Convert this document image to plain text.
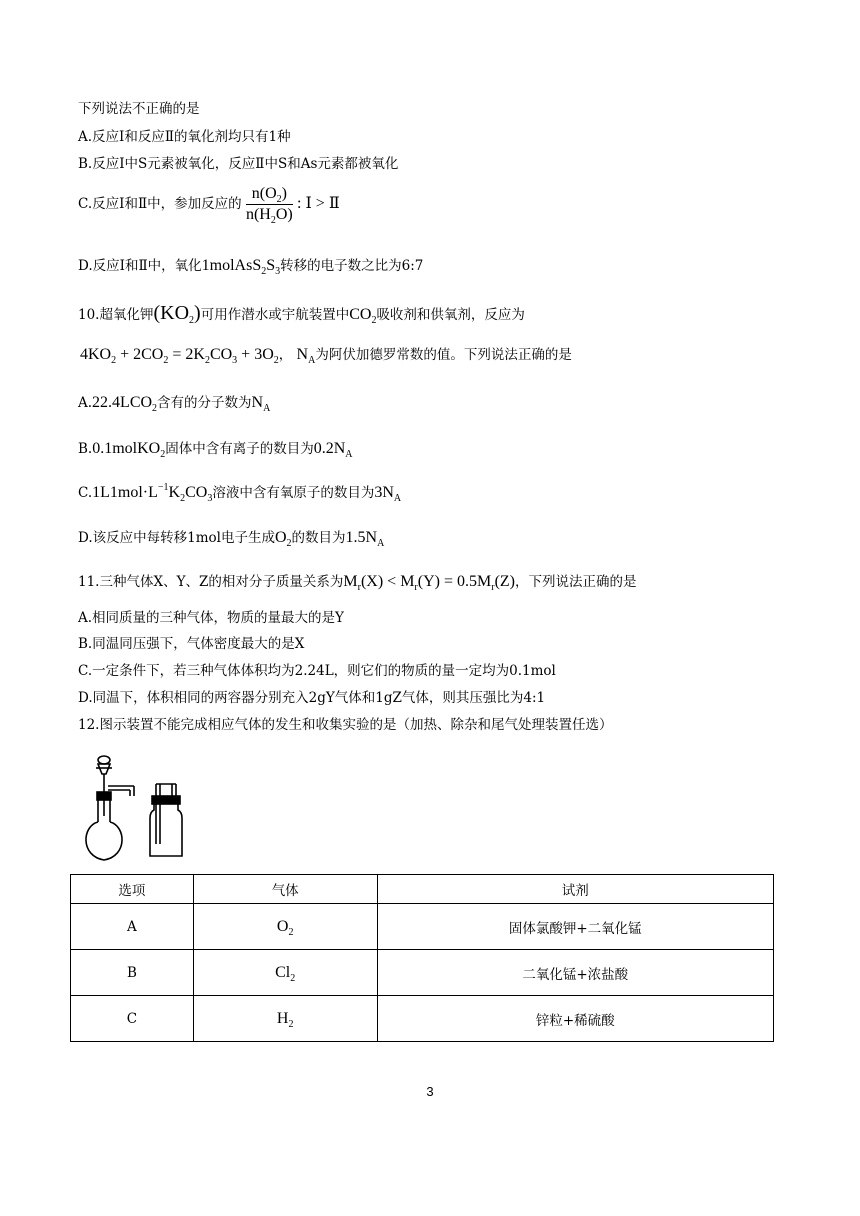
下列说法不正确的是
A.反应Ⅰ和反应Ⅱ的氧化剂均只有1种
B.反应Ⅰ中S元素被氧化，反应Ⅱ中S和As元素都被氧化
C.反应Ⅰ和Ⅱ中，参加反应的 $\frac{n(O_2)}{n(H_2O)}$ : Ⅰ > Ⅱ
D.反应Ⅰ和Ⅱ中，氧化$1molAsS_2S_3$转移的电子数之比为6:7
10.超氧化钾$(KO_2)$可用作潜水或宇航装置中$CO_2$吸收剂和供氧剂，反应为
$4KO_2 + 2CO_2 = 2K_2CO_3 + 3O_2$， $N_A$为阿伏加德罗常数的值。下列说法正确的是
$A.22.4LCO_2$含有的分子数为$N_A$
B.0.1molKO$_2$固体中含有离子的数目为$0.2N_A$
$C.1L1mol\cdot L^{-1}K_2CO_3$溶液中含有氧原子的数目为$3N_A$
D.该反应中每转移1mol电子生成$O_2$的数目为$1.5N_A$
11.三种气体X、Y、Z的相对分子质量关系为$M_r(X) < M_r(Y) = 0.5M_r(Z)$，下列说法正确的是
A.相同质量的三种气体，物质的量最大的是Y
B.同温同压强下，气体密度最大的是X
C.一定条件下，若三种气体体积均为2.24L，则它们的物质的量一定均为0.1mol
D.同温下，体积相同的两容器分别充入2gY气体和1gZ气体，则其压强比为4:1
12.图示装置不能完成相应气体的发生和收集实验的是（加热、除杂和尾气处理装置任选）
选项	气体	试剂
A	$O_2$	固体氯酸钾+二氧化锰
B	$Cl_2$	二氧化锰+浓盐酸
C	$H_2$	锌粒+稀硫酸
3
